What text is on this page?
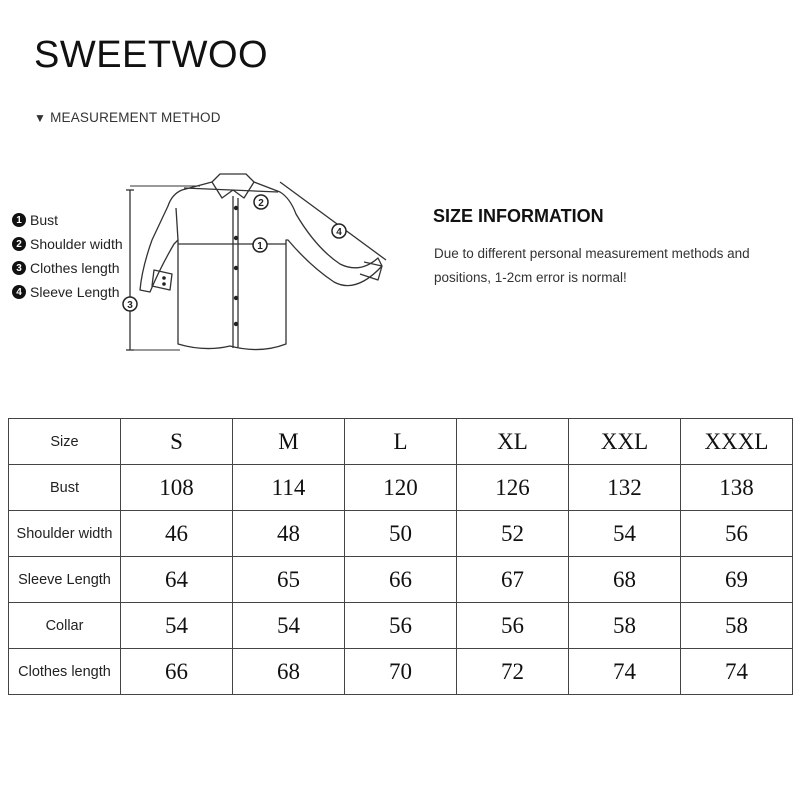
SWEETWOO
▼ MEASUREMENT METHOD
1 Bust
2 Shoulder width
3 Clothes length
4 Sleeve Length
1
2
3
4
SIZE INFORMATION
Due to different personal measurement methods and
positions, 1-2cm error is normal!
Size	S	M	L	XL	XXL	XXXL
Bust	108	114	120	126	132	138
Shoulder width	46	48	50	52	54	56
Sleeve Length	64	65	66	67	68	69
Collar	54	54	56	56	58	58
Clothes length	66	68	70	72	74	74
